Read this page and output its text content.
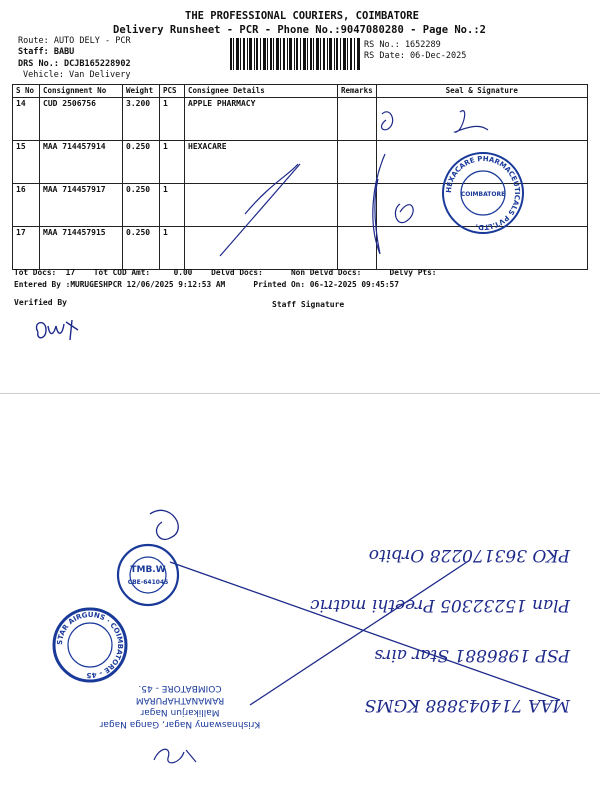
THE PROFESSIONAL COURIERS, COIMBATORE
Delivery Runsheet - PCR - Phone No.:9047080280 - Page No.:2
Route: AUTO DELY - PCR
Staff: BABU
DRS No.: DCJB165228902
Vehicle: Van Delivery
RS No.: 1652289
RS Date: 06-Dec-2025
S No	Consignment No	Weight	PCS	Consignee Details	Remarks	Seal & Signature
14	CUD 2506756	3.200	1	APPLE PHARMACY		
15	MAA 714457914	0.250	1	HEXACARE		
16	MAA 714457917	0.250	1			
17	MAA 714457915	0.250	1			
HEXACARE PHARMACEUTICALS PVT.LTD.
COIMBATORE
Tot Docs:  17    Tot COD Amt:     0.00    Delvd Docs:      Non Delvd Docs:      Delvy Pts:
Entered By :MURUGESHPCR 12/06/2025 9:12:53 AM      Printed On: 06-12-2025 09:45:57
Verified By	Staff Signature
MAA 714043888 KGMS
PSP 1986881 Star airs
Plan 15232305 Preethi matric
PKO 363170228 Orbito
TMB.W
CBE-641045
STAR AIRGUNS · COIMBATORE - 45
Krishnaswamy Nagar, Ganga Nagar
Mallikarjun Nagar
RAMANATHAPURAM
COIMBATORE - 45.
